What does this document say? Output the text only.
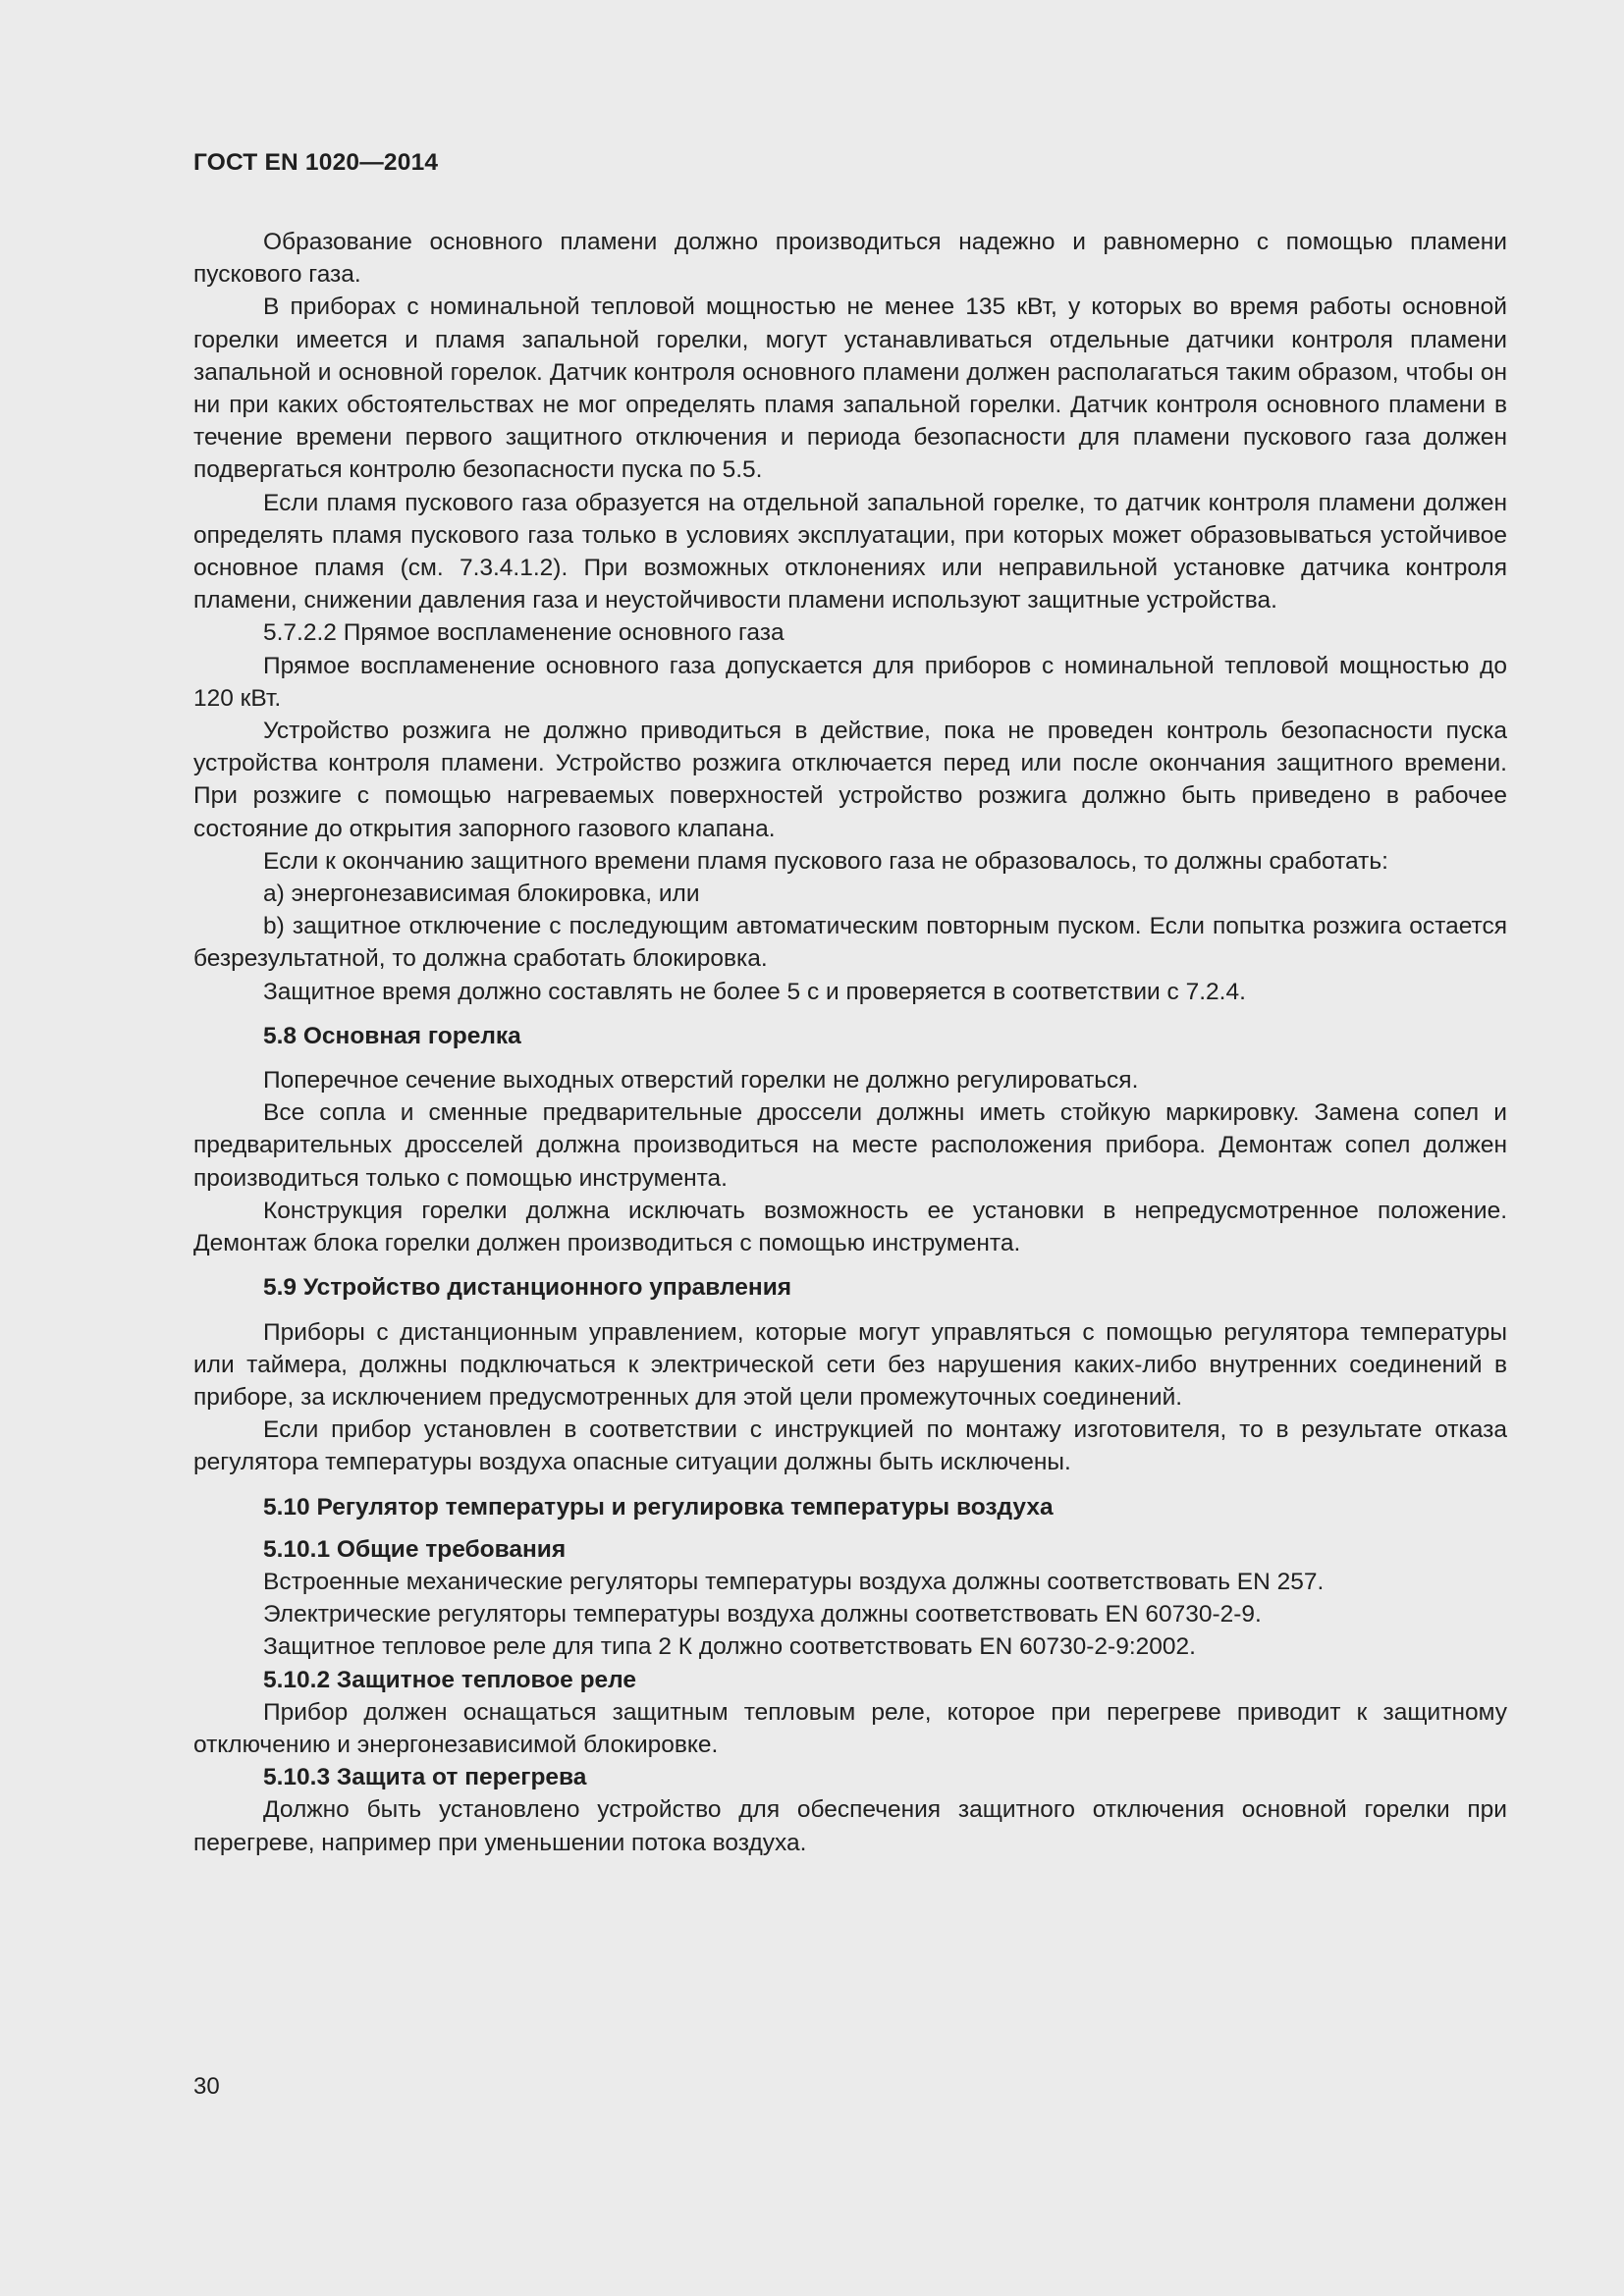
ГОСТ EN 1020—2014

Образование основного пламени должно производиться надежно и равномерно с помощью пламени пускового газа.

В приборах с номинальной тепловой мощностью не менее 135 кВт, у которых во время работы основной горелки имеется и пламя запальной горелки, могут устанавливаться отдельные датчики контроля пламени запальной и основной горелок. Датчик контроля основного пламени должен располагаться таким образом, чтобы он ни при каких обстоятельствах не мог определять пламя запальной горелки. Датчик контроля основного пламени в течение времени первого защитного отключения и периода безопасности для пламени пускового газа должен подвергаться контролю безопасности пуска по 5.5.

Если пламя пускового газа образуется на отдельной запальной горелке, то датчик контроля пламени должен определять пламя пускового газа только в условиях эксплуатации, при которых может образовываться устойчивое основное пламя (см. 7.3.4.1.2). При возможных отклонениях или неправильной установке датчика контроля пламени, снижении давления газа и неустойчивости пламени используют защитные устройства.

5.7.2.2 Прямое воспламенение основного газа

Прямое воспламенение основного газа допускается для приборов с номинальной тепловой мощностью до 120 кВт.

Устройство розжига не должно приводиться в действие, пока не проведен контроль безопасности пуска устройства контроля пламени. Устройство розжига отключается перед или после окончания защитного времени. При розжиге с помощью нагреваемых поверхностей устройство розжига должно быть приведено в рабочее состояние до открытия запорного газового клапана.

Если к окончанию защитного времени пламя пускового газа не образовалось, то должны сработать:

a) энергонезависимая блокировка, или

b) защитное отключение с последующим автоматическим повторным пуском. Если попытка розжига остается безрезультатной, то должна сработать блокировка.

Защитное время должно составлять не более 5 с и проверяется в соответствии с 7.2.4.

5.8 Основная горелка

Поперечное сечение выходных отверстий горелки не должно регулироваться.

Все сопла и сменные предварительные дроссели должны иметь стойкую маркировку. Замена сопел и предварительных дросселей должна производиться на месте расположения прибора. Демонтаж сопел должен производиться только с помощью инструмента.

Конструкция горелки должна исключать возможность ее установки в непредусмотренное положение. Демонтаж блока горелки должен производиться с помощью инструмента.

5.9 Устройство дистанционного управления

Приборы с дистанционным управлением, которые могут управляться с помощью регулятора температуры или таймера, должны подключаться к электрической сети без нарушения каких-либо внутренних соединений в приборе, за исключением предусмотренных для этой цели промежуточных соединений.

Если прибор установлен в соответствии с инструкцией по монтажу изготовителя, то в результате отказа регулятора температуры воздуха опасные ситуации должны быть исключены.

5.10 Регулятор температуры и регулировка температуры воздуха
5.10.1 Общие требования

Встроенные механические регуляторы температуры воздуха должны соответствовать EN 257.

Электрические регуляторы температуры воздуха должны соответствовать EN 60730-2-9.

Защитное тепловое реле для типа 2 К должно соответствовать EN 60730-2-9:2002.

5.10.2 Защитное тепловое реле

Прибор должен оснащаться защитным тепловым реле, которое при перегреве приводит к защитному отключению и энергонезависимой блокировке.

5.10.3 Защита от перегрева

Должно быть установлено устройство для обеспечения защитного отключения основной горелки при перегреве, например при уменьшении потока воздуха.

30
